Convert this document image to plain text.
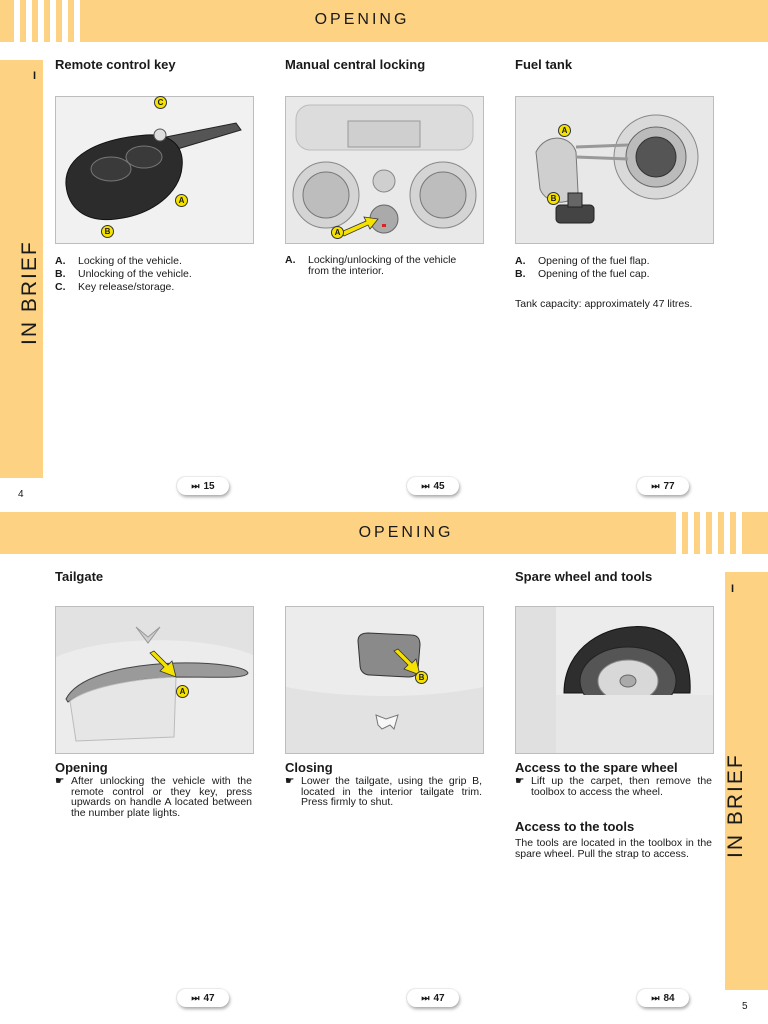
OPENING
I
IN BRIEF
Remote control key
C
A
B
A.	Locking of the vehicle.
B.	Unlocking of the vehicle.
C.	Key release/storage.
⏭ 15
Manual central locking
A
A.	Locking/unlocking of the vehicle from the interior.
⏭ 45
Fuel tank
A
B
A.	Opening of the fuel flap.
B.	Opening of the fuel cap.
Tank capacity: approximately 47 litres.
⏭ 77
4
OPENING
I
IN BRIEF
Tailgate
A
Opening
☛ After unlocking the vehicle with the remote control or they key, press upwards on handle A located between the number plate lights.
⏭ 47
B
Closing
☛ Lower the tailgate, using the grip B, located in the interior tailgate trim. Press firmly to shut.
⏭ 47
Spare wheel and tools
Access to the spare wheel
☛ Lift up the carpet, then remove the toolbox to access the wheel.
Access to the tools
The tools are located in the toolbox in the spare wheel. Pull the strap to access.
⏭ 84
5
